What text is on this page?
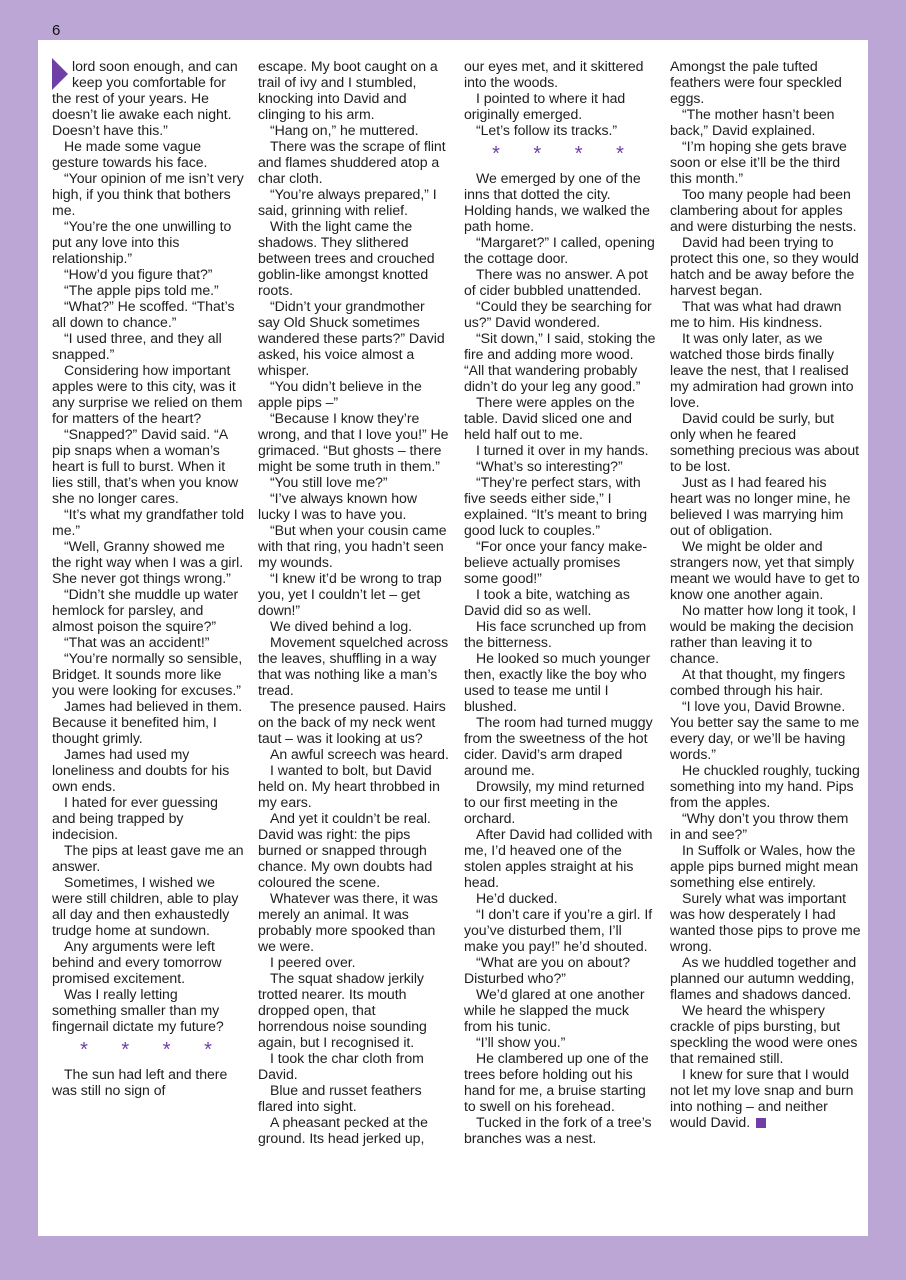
6

lord soon enough, and can keep you comfortable for the rest of your years. He doesn’t lie awake each night. Doesn’t have this.”

He made some vague gesture towards his face.

“Your opinion of me isn’t very high, if you think that bothers me.

“You’re the one unwilling to put any love into this relationship.”

“How’d you figure that?”

“The apple pips told me.”

“What?” He scoffed. “That’s all down to chance.”

“I used three, and they all snapped.”

Considering how important apples were to this city, was it any surprise we relied on them for matters of the heart?

“Snapped?” David said. “A pip snaps when a woman’s heart is full to burst. When it lies still, that’s when you know she no longer cares.

“It’s what my grandfather told me.”

“Well, Granny showed me the right way when I was a girl. She never got things wrong.”

“Didn’t she muddle up water hemlock for parsley, and almost poison the squire?”

“That was an accident!”

“You’re normally so sensible, Bridget. It sounds more like you were looking for excuses.”

James had believed in them. Because it benefited him, I thought grimly.

James had used my loneliness and doubts for his own ends.

I hated for ever guessing and being trapped by indecision.

The pips at least gave me an answer.

Sometimes, I wished we were still children, able to play all day and then exhaustedly trudge home at sundown.

Any arguments were left behind and every tomorrow promised excitement.

Was I really letting something smaller than my fingernail dictate my future?

* * * *

The sun had left and there was still no sign of

escape. My boot caught on a trail of ivy and I stumbled, knocking into David and clinging to his arm.

“Hang on,” he muttered.

There was the scrape of flint and flames shuddered atop a char cloth.

“You’re always prepared,” I said, grinning with relief.

With the light came the shadows. They slithered between trees and crouched goblin-like amongst knotted roots.

“Didn’t your grandmother say Old Shuck sometimes wandered these parts?” David asked, his voice almost a whisper.

“You didn’t believe in the apple pips –”

“Because I know they’re wrong, and that I love you!” He grimaced. “But ghosts – there might be some truth in them.”

“You still love me?”

“I’ve always known how lucky I was to have you.

“But when your cousin came with that ring, you hadn’t seen my wounds.

“I knew it’d be wrong to trap you, yet I couldn’t let – get down!”

We dived behind a log.

Movement squelched across the leaves, shuffling in a way that was nothing like a man’s tread.

The presence paused. Hairs on the back of my neck went taut – was it looking at us?

An awful screech was heard.

I wanted to bolt, but David held on. My heart throbbed in my ears.

And yet it couldn’t be real. David was right: the pips burned or snapped through chance. My own doubts had coloured the scene.

Whatever was there, it was merely an animal. It was probably more spooked than we were.

I peered over.

The squat shadow jerkily trotted nearer. Its mouth dropped open, that horrendous noise sounding again, but I recognised it.

I took the char cloth from David.

Blue and russet feathers flared into sight.

A pheasant pecked at the ground. Its head jerked up,

our eyes met, and it skittered into the woods.

I pointed to where it had originally emerged.

“Let’s follow its tracks.”

* * * *

We emerged by one of the inns that dotted the city. Holding hands, we walked the path home.

“Margaret?” I called, opening the cottage door.

There was no answer. A pot of cider bubbled unattended.

“Could they be searching for us?” David wondered.

“Sit down,” I said, stoking the fire and adding more wood. “All that wandering probably didn’t do your leg any good.”

There were apples on the table. David sliced one and held half out to me.

I turned it over in my hands.

“What’s so interesting?”

“They’re perfect stars, with five seeds either side,” I explained. “It’s meant to bring good luck to couples.”

“For once your fancy make-believe actually promises some good!”

I took a bite, watching as David did so as well.

His face scrunched up from the bitterness.

He looked so much younger then, exactly like the boy who used to tease me until I blushed.

The room had turned muggy from the sweetness of the hot cider. David’s arm draped around me.

Drowsily, my mind returned to our first meeting in the orchard.

After David had collided with me, I’d heaved one of the stolen apples straight at his head.

He’d ducked.

“I don’t care if you’re a girl. If you’ve disturbed them, I’ll make you pay!” he’d shouted.

“What are you on about? Disturbed who?”

We’d glared at one another while he slapped the muck from his tunic.

“I’ll show you.”

He clambered up one of the trees before holding out his hand for me, a bruise starting to swell on his forehead.

Tucked in the fork of a tree’s branches was a nest.

Amongst the pale tufted feathers were four speckled eggs.

“The mother hasn’t been back,” David explained.

“I’m hoping she gets brave soon or else it’ll be the third this month.”

Too many people had been clambering about for apples and were disturbing the nests.

David had been trying to protect this one, so they would hatch and be away before the harvest began.

That was what had drawn me to him. His kindness.

It was only later, as we watched those birds finally leave the nest, that I realised my admiration had grown into love.

David could be surly, but only when he feared something precious was about to be lost.

Just as I had feared his heart was no longer mine, he believed I was marrying him out of obligation.

We might be older and strangers now, yet that simply meant we would have to get to know one another again.

No matter how long it took, I would be making the decision rather than leaving it to chance.

At that thought, my fingers combed through his hair.

“I love you, David Browne. You better say the same to me every day, or we’ll be having words.”

He chuckled roughly, tucking something into my hand. Pips from the apples.

“Why don’t you throw them in and see?”

In Suffolk or Wales, how the apple pips burned might mean something else entirely.

Surely what was important was how desperately I had wanted those pips to prove me wrong.

As we huddled together and planned our autumn wedding, flames and shadows danced.

We heard the whispery crackle of pips bursting, but speckling the wood were ones that remained still.

I knew for sure that I would not let my love snap and burn into nothing – and neither would David.
